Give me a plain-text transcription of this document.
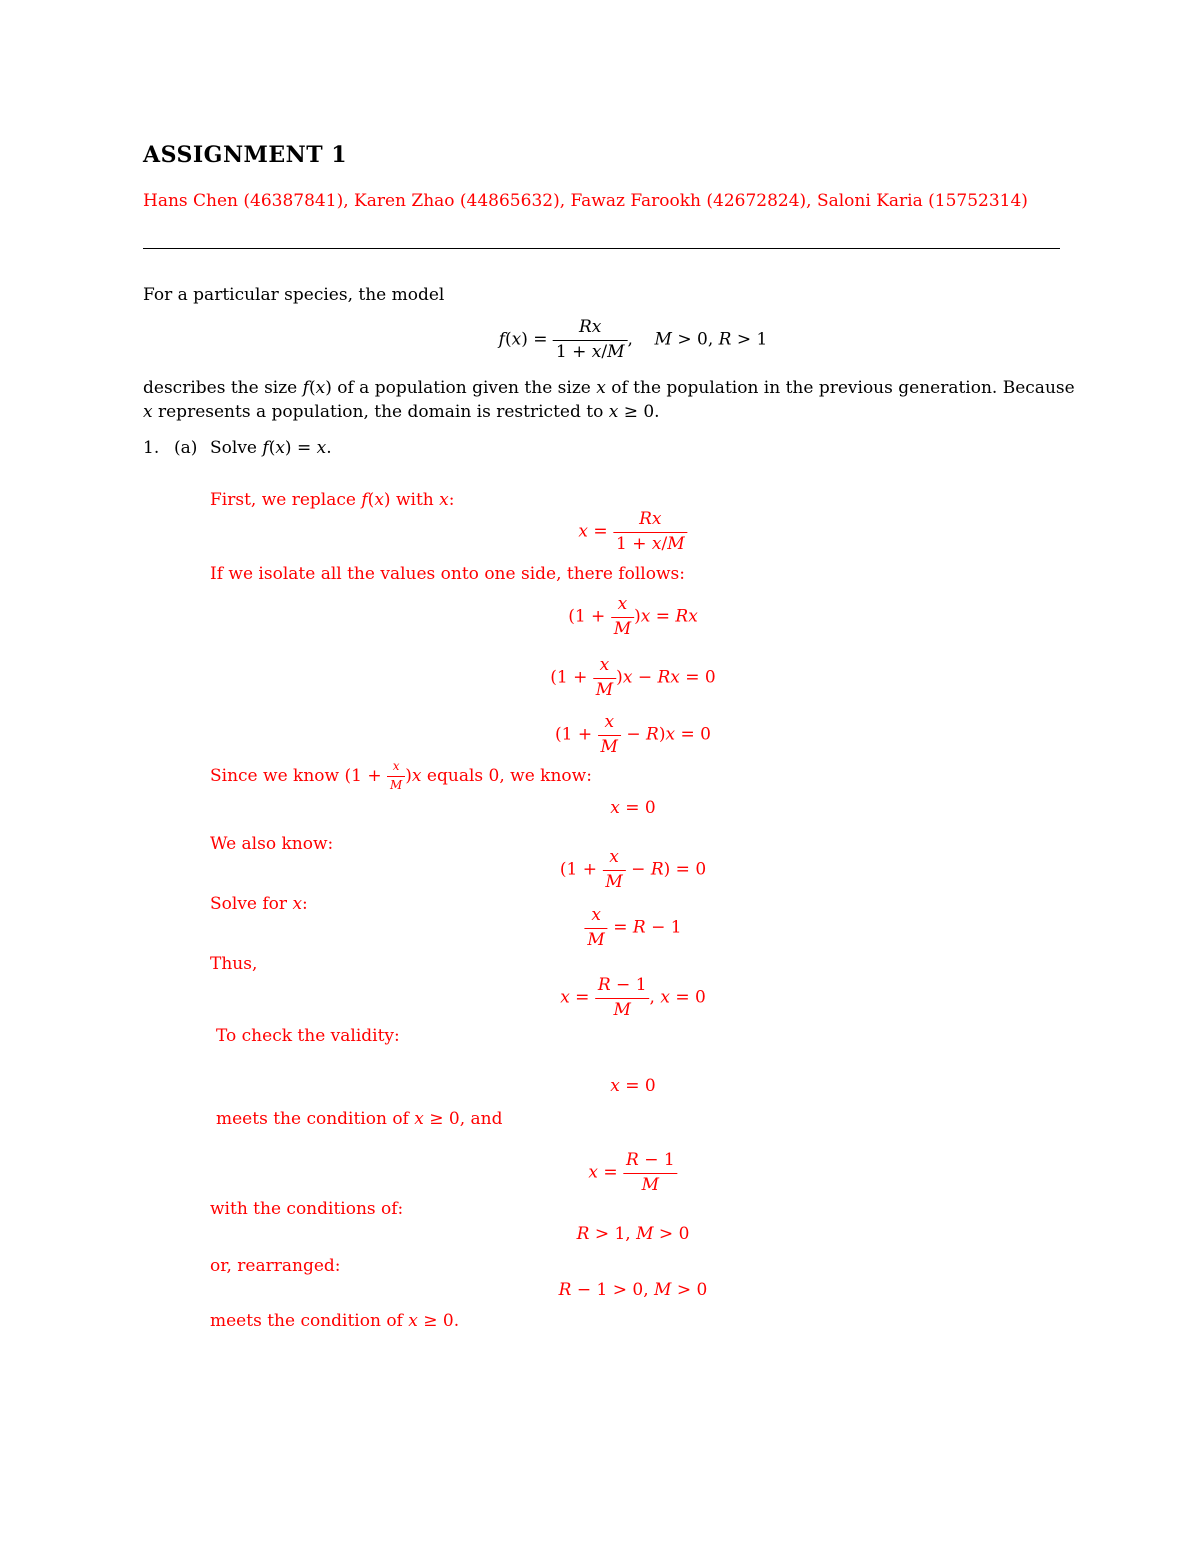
ASSIGNMENT 1
Hans Chen (46387841), Karen Zhao (44865632), Fawaz Farookh (42672824), Saloni Karia (15752314)
For a particular species, the model
$f(x) = \frac{Rx}{1 + x/M}$ ,    M > 0, R > 1
describes the size f(x) of a population given the size x of the population in the previous generation. Because
x represents a population, the domain is restricted to x ≥ 0.
1. (a) Solve f(x) = x.
First, we replace f(x) with x:
$x = \frac{Rx}{1 + x/M}$
If we isolate all the values onto one side, there follows:
$(1 + \frac{x}{M} )x = Rx$
$(1 + \frac{x}{M} )x - Rx = 0$
$(1 + \frac{x}{M} - R)x = 0$
Since we know $(1 + \frac{x}{M} )x$ equals 0, we know:
x = 0
We also know:
$(1 + \frac{x}{M} - R) = 0$
Solve for x:
$\frac{x}{M} = R - 1$
Thus,
$x = \frac{R - 1}{M}$ , x = 0
To check the validity:
x = 0
meets the condition of x ≥ 0, and
$x = \frac{R - 1}{M}$
with the conditions of:
R > 1, M > 0
or, rearranged:
R − 1 > 0, M > 0
meets the condition of x ≥ 0.
